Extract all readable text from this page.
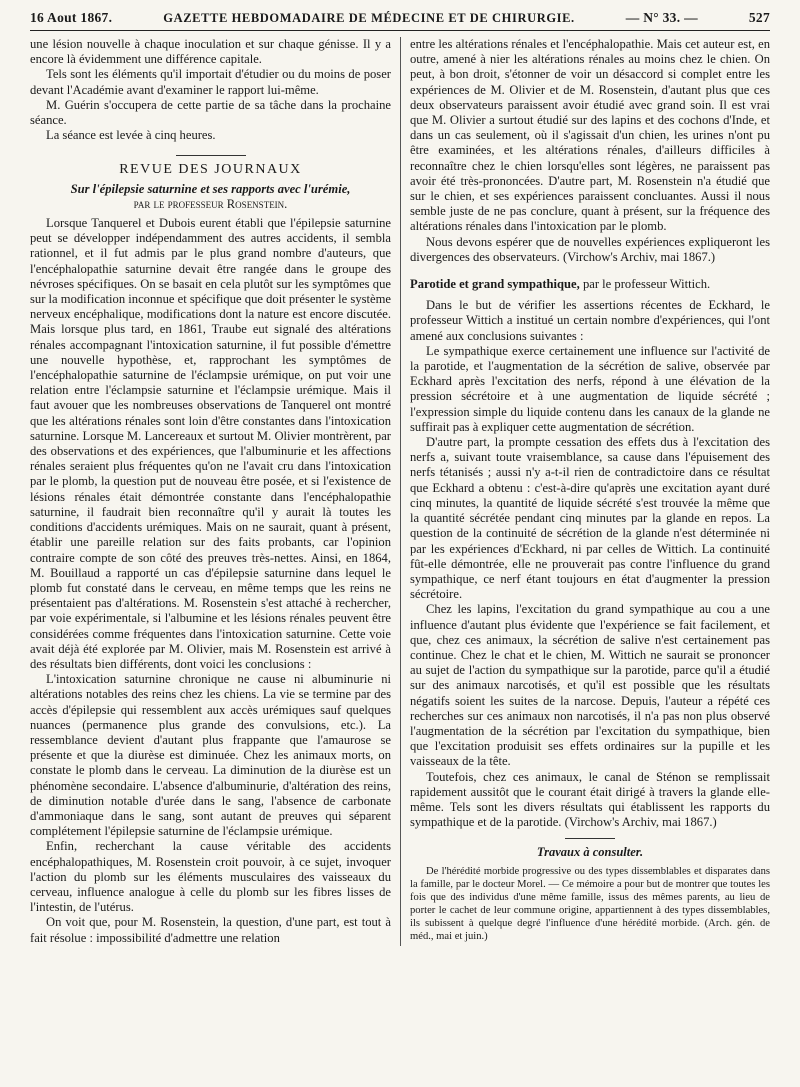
16 Aout 1867.	GAZETTE HEBDOMADAIRE DE MÉDECINE ET DE CHIRURGIE.	— N° 33. —	527

une lésion nouvelle à chaque inoculation et sur chaque génisse. Il y a encore là évidemment une différence capitale.

Tels sont les éléments qu'il importait d'étudier ou du moins de poser devant l'Académie avant d'examiner le rapport lui-même.

M. Guérin s'occupera de cette partie de sa tâche dans la prochaine séance.

La séance est levée à cinq heures.

REVUE DES JOURNAUX
Sur l'épilepsie saturnine et ses rapports avec l'urémie,
par le professeur Rosenstein.

Lorsque Tanquerel et Dubois eurent établi que l'épilepsie saturnine peut se développer indépendamment des autres accidents, il sembla rationnel, et il fut admis par le plus grand nombre d'auteurs, que l'encéphalopathie saturnine devait être rangée dans le groupe des névroses spécifiques. On se basait en cela plutôt sur les symptômes que sur la modification inconnue et spécifique que doit présenter le système nerveux encéphalique, modifications dont la nature est encore discutée. Mais lorsque plus tard, en 1861, Traube eut signalé des altérations rénales accompagnant l'intoxication saturnine, il fut possible d'émettre une nouvelle hypothèse, et, rapprochant les symptômes de l'encéphalopathie saturnine de l'éclampsie urémique, on put voir une relation entre l'éclampsie saturnine et l'éclampsie urémique. Mais il faut avouer que les nombreuses observations de Tanquerel ont montré que les altérations rénales sont loin d'être constantes dans l'intoxication saturnine. Lorsque M. Lancereaux et surtout M. Olivier montrèrent, par des observations et des expériences, que l'albuminurie et les affections rénales seraient plus fréquentes qu'on ne l'avait cru dans l'intoxication par le plomb, la question put de nouveau être posée, et si l'existence de lésions rénales était démontrée constante dans l'encéphalopathie saturnine, il faudrait bien reconnaître qu'il y aurait là toutes les conditions d'accidents urémiques. Mais on ne saurait, quant à présent, établir une pareille relation sur des faits probants, car l'opinion contraire compte de son côté des preuves très-nettes. Ainsi, en 1864, M. Bouillaud a rapporté un cas d'épilepsie saturnine dans lequel le plomb fut constaté dans le cerveau, en même temps que les reins ne présentaient pas d'altérations. M. Rosenstein s'est attaché à rechercher, par voie expérimentale, si l'albumine et les lésions rénales peuvent être considérées comme fréquentes dans l'intoxication saturnine. Cette voie avait déjà été explorée par M. Olivier, mais M. Rosenstein est arrivé à des résultats bien différents, dont voici les conclusions :

L'intoxication saturnine chronique ne cause ni albuminurie ni altérations notables des reins chez les chiens. La vie se termine par des accès d'épilepsie qui ressemblent aux accès urémiques sauf quelques nuances (permanence plus grande des convulsions, etc.). La ressemblance devient d'autant plus frappante que l'amaurose se présente et que la diurèse est diminuée. Chez les animaux morts, on constate le plomb dans le cerveau. La diminution de la diurèse est un phénomène secondaire. L'absence d'albuminurie, d'altération des reins, de diminution notable d'urée dans le sang, l'absence de carbonate d'ammoniaque dans le sang, sont autant de preuves qui séparent complétement l'épilepsie saturnine de l'éclampsie urémique.

Enfin, recherchant la cause véritable des accidents encéphalopathiques, M. Rosenstein croit pouvoir, à ce sujet, invoquer l'action du plomb sur les éléments musculaires des vaisseaux du cerveau, influence analogue à celle du plomb sur les fibres lisses de l'intestin, de l'utérus.

On voit que, pour M. Rosenstein, la question, d'une part, est tout à fait résolue : impossibilité d'admettre une relation

entre les altérations rénales et l'encéphalopathie. Mais cet auteur est, en outre, amené à nier les altérations rénales au moins chez le chien. On peut, à bon droit, s'étonner de voir un désaccord si complet entre les expériences de M. Olivier et de M. Rosenstein, d'autant plus que ces deux observateurs paraissent avoir étudié avec grand soin. Il est vrai que M. Olivier a surtout étudié sur des lapins et des cochons d'Inde, et dans un cas seulement, où il s'agissait d'un chien, les urines n'ont pu être examinées, et les altérations rénales, d'ailleurs difficiles à reconnaître chez le chien lorsqu'elles sont légères, ne paraissent pas avoir été très-prononcées. D'autre part, M. Rosenstein n'a étudié que sur le chien, et ses expériences paraissent concluantes. Aussi il nous semble juste de ne pas conclure, quant à présent, sur la fréquence des altérations rénales dans l'intoxication par le plomb.

Nous devons espérer que de nouvelles expériences expliqueront les divergences des observateurs. (Virchow's Archiv, mai 1867.)

Parotide et grand sympathique, par le professeur Wittich.

Dans le but de vérifier les assertions récentes de Eckhard, le professeur Wittich a institué un certain nombre d'expériences, qui l'ont amené aux conclusions suivantes :

Le sympathique exerce certainement une influence sur l'activité de la parotide, et l'augmentation de la sécrétion de salive, observée par Eckhard après l'excitation des nerfs, répond à une élévation de la pression sécrétoire et à une augmentation de liquide sécrété ; l'expression simple du liquide contenu dans les canaux de la glande ne suffirait pas à expliquer cette augmentation de sécrétion.

D'autre part, la prompte cessation des effets dus à l'excitation des nerfs a, suivant toute vraisemblance, sa cause dans l'épuisement des nerfs tétanisés ; aussi n'y a-t-il rien de contradictoire dans ce résultat que Eckhard a obtenu : c'est-à-dire qu'après une excitation ayant duré cinq minutes, la quantité de liquide sécrété s'est trouvée la même que la quantité sécrétée pendant cinq minutes par la glande en repos. La question de la continuité de sécrétion de la glande n'est déterminée ni par les expériences d'Eckhard, ni par celles de Wittich. La continuité fût-elle démontrée, elle ne prouverait pas contre l'influence du grand sympathique, ce nerf étant toujours en état d'augmenter la pression sécrétoire.

Chez les lapins, l'excitation du grand sympathique au cou a une influence d'autant plus évidente que l'expérience se fait facilement, et que, chez ces animaux, la sécrétion de salive n'est certainement pas continue. Chez le chat et le chien, M. Wittich ne saurait se prononcer au sujet de l'action du sympathique sur la parotide, parce qu'il a étudié sur des animaux narcotisés, et qu'il est possible que les résultats négatifs soient les suites de la narcose. Depuis, l'auteur a répété ces recherches sur ces animaux non narcotisés, il n'a pas non plus observé l'augmentation de la sécrétion par l'excitation du sympathique, bien que l'excitation produisit ses effets ordinaires sur la pupille et les vaisseaux de la tête.

Toutefois, chez ces animaux, le canal de Sténon se remplissait rapidement aussitôt que le courant était dirigé à travers la glande elle-même. Tels sont les divers résultats qui établissent les rapports du sympathique et de la parotide. (Virchow's Archiv, mai 1867.)

Travaux à consulter.

De l'hérédité morbide progressive ou des types dissemblables et disparates dans la famille, par le docteur Morel. — Ce mémoire a pour but de montrer que toutes les fois que des individus d'une même famille, issus des mêmes parents, au lieu de porter le cachet de leur commune origine, appartiennent à des types dissemblables, ils subissent à quelque degré l'influence d'une hérédité morbide. (Arch. gén. de méd., mai et juin.)
